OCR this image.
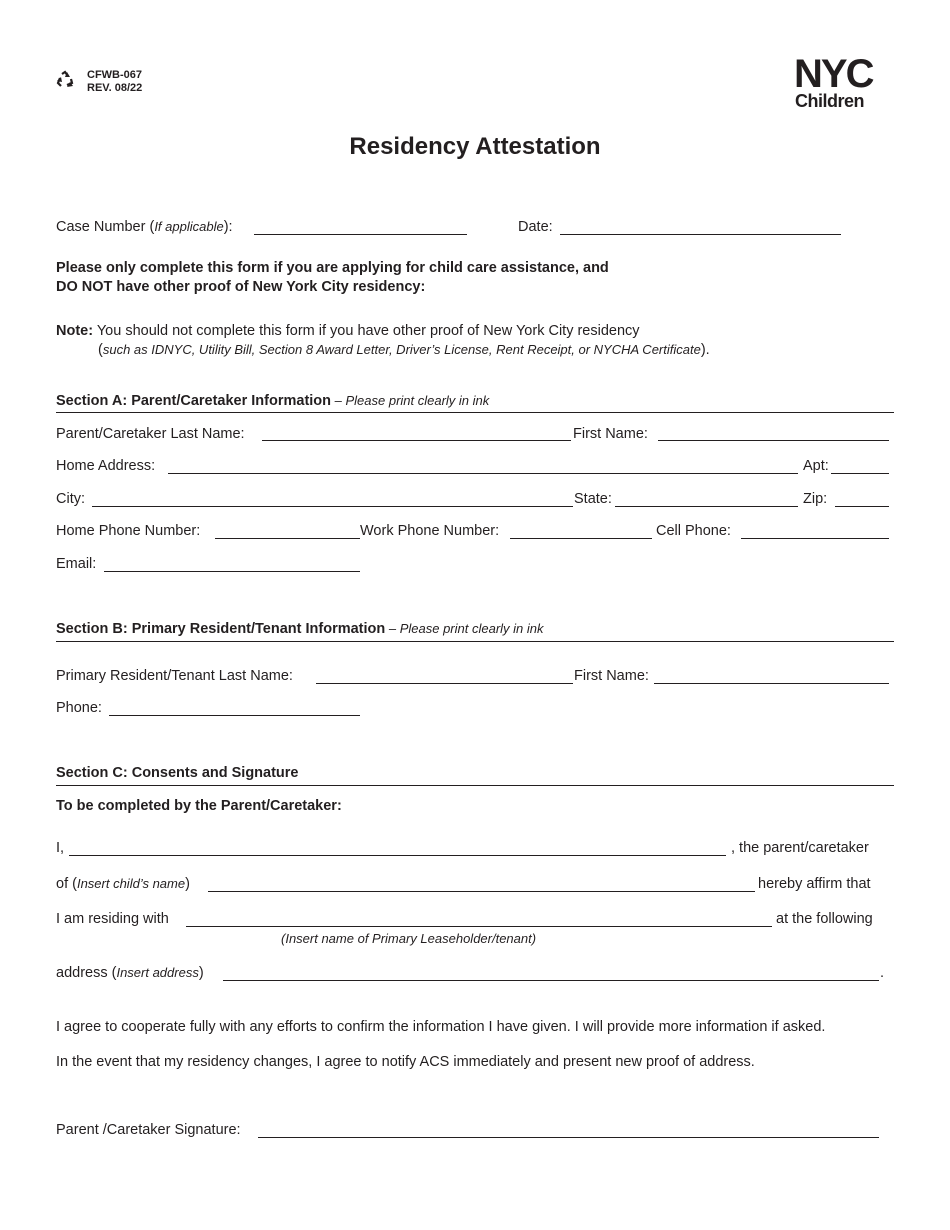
CFWB-067
REV. 08/22	NYC
Children
Residency Attestation
Case Number (If applicable):	Date:
Please only complete this form if you are applying for child care assistance, and
DO NOT have other proof of New York City residency:
Note: You should not complete this form if you have other proof of New York City residency
(such as IDNYC, Utility Bill, Section 8 Award Letter, Driver’s License, Rent Receipt, or NYCHA Certificate).
Section A: Parent/Caretaker Information – Please print clearly in ink
Parent/Caretaker Last Name:	First Name:
Home Address:	Apt:
City:	State:	Zip:
Home Phone Number:	Work Phone Number:	Cell Phone:
Email:
Section B: Primary Resident/Tenant Information – Please print clearly in ink
Primary Resident/Tenant Last Name:	First Name:
Phone:
Section C: Consents and Signature
To be completed by the Parent/Caretaker:
I,	, the parent/caretaker
of (Insert child’s name)	hereby affirm that
I am residing with	at the following
(Insert name of Primary Leaseholder/tenant)
address (Insert address)	.
I agree to cooperate fully with any efforts to confirm the information I have given. I will provide more information if asked.
In the event that my residency changes, I agree to notify ACS immediately and present new proof of address.
Parent /Caretaker Signature:
